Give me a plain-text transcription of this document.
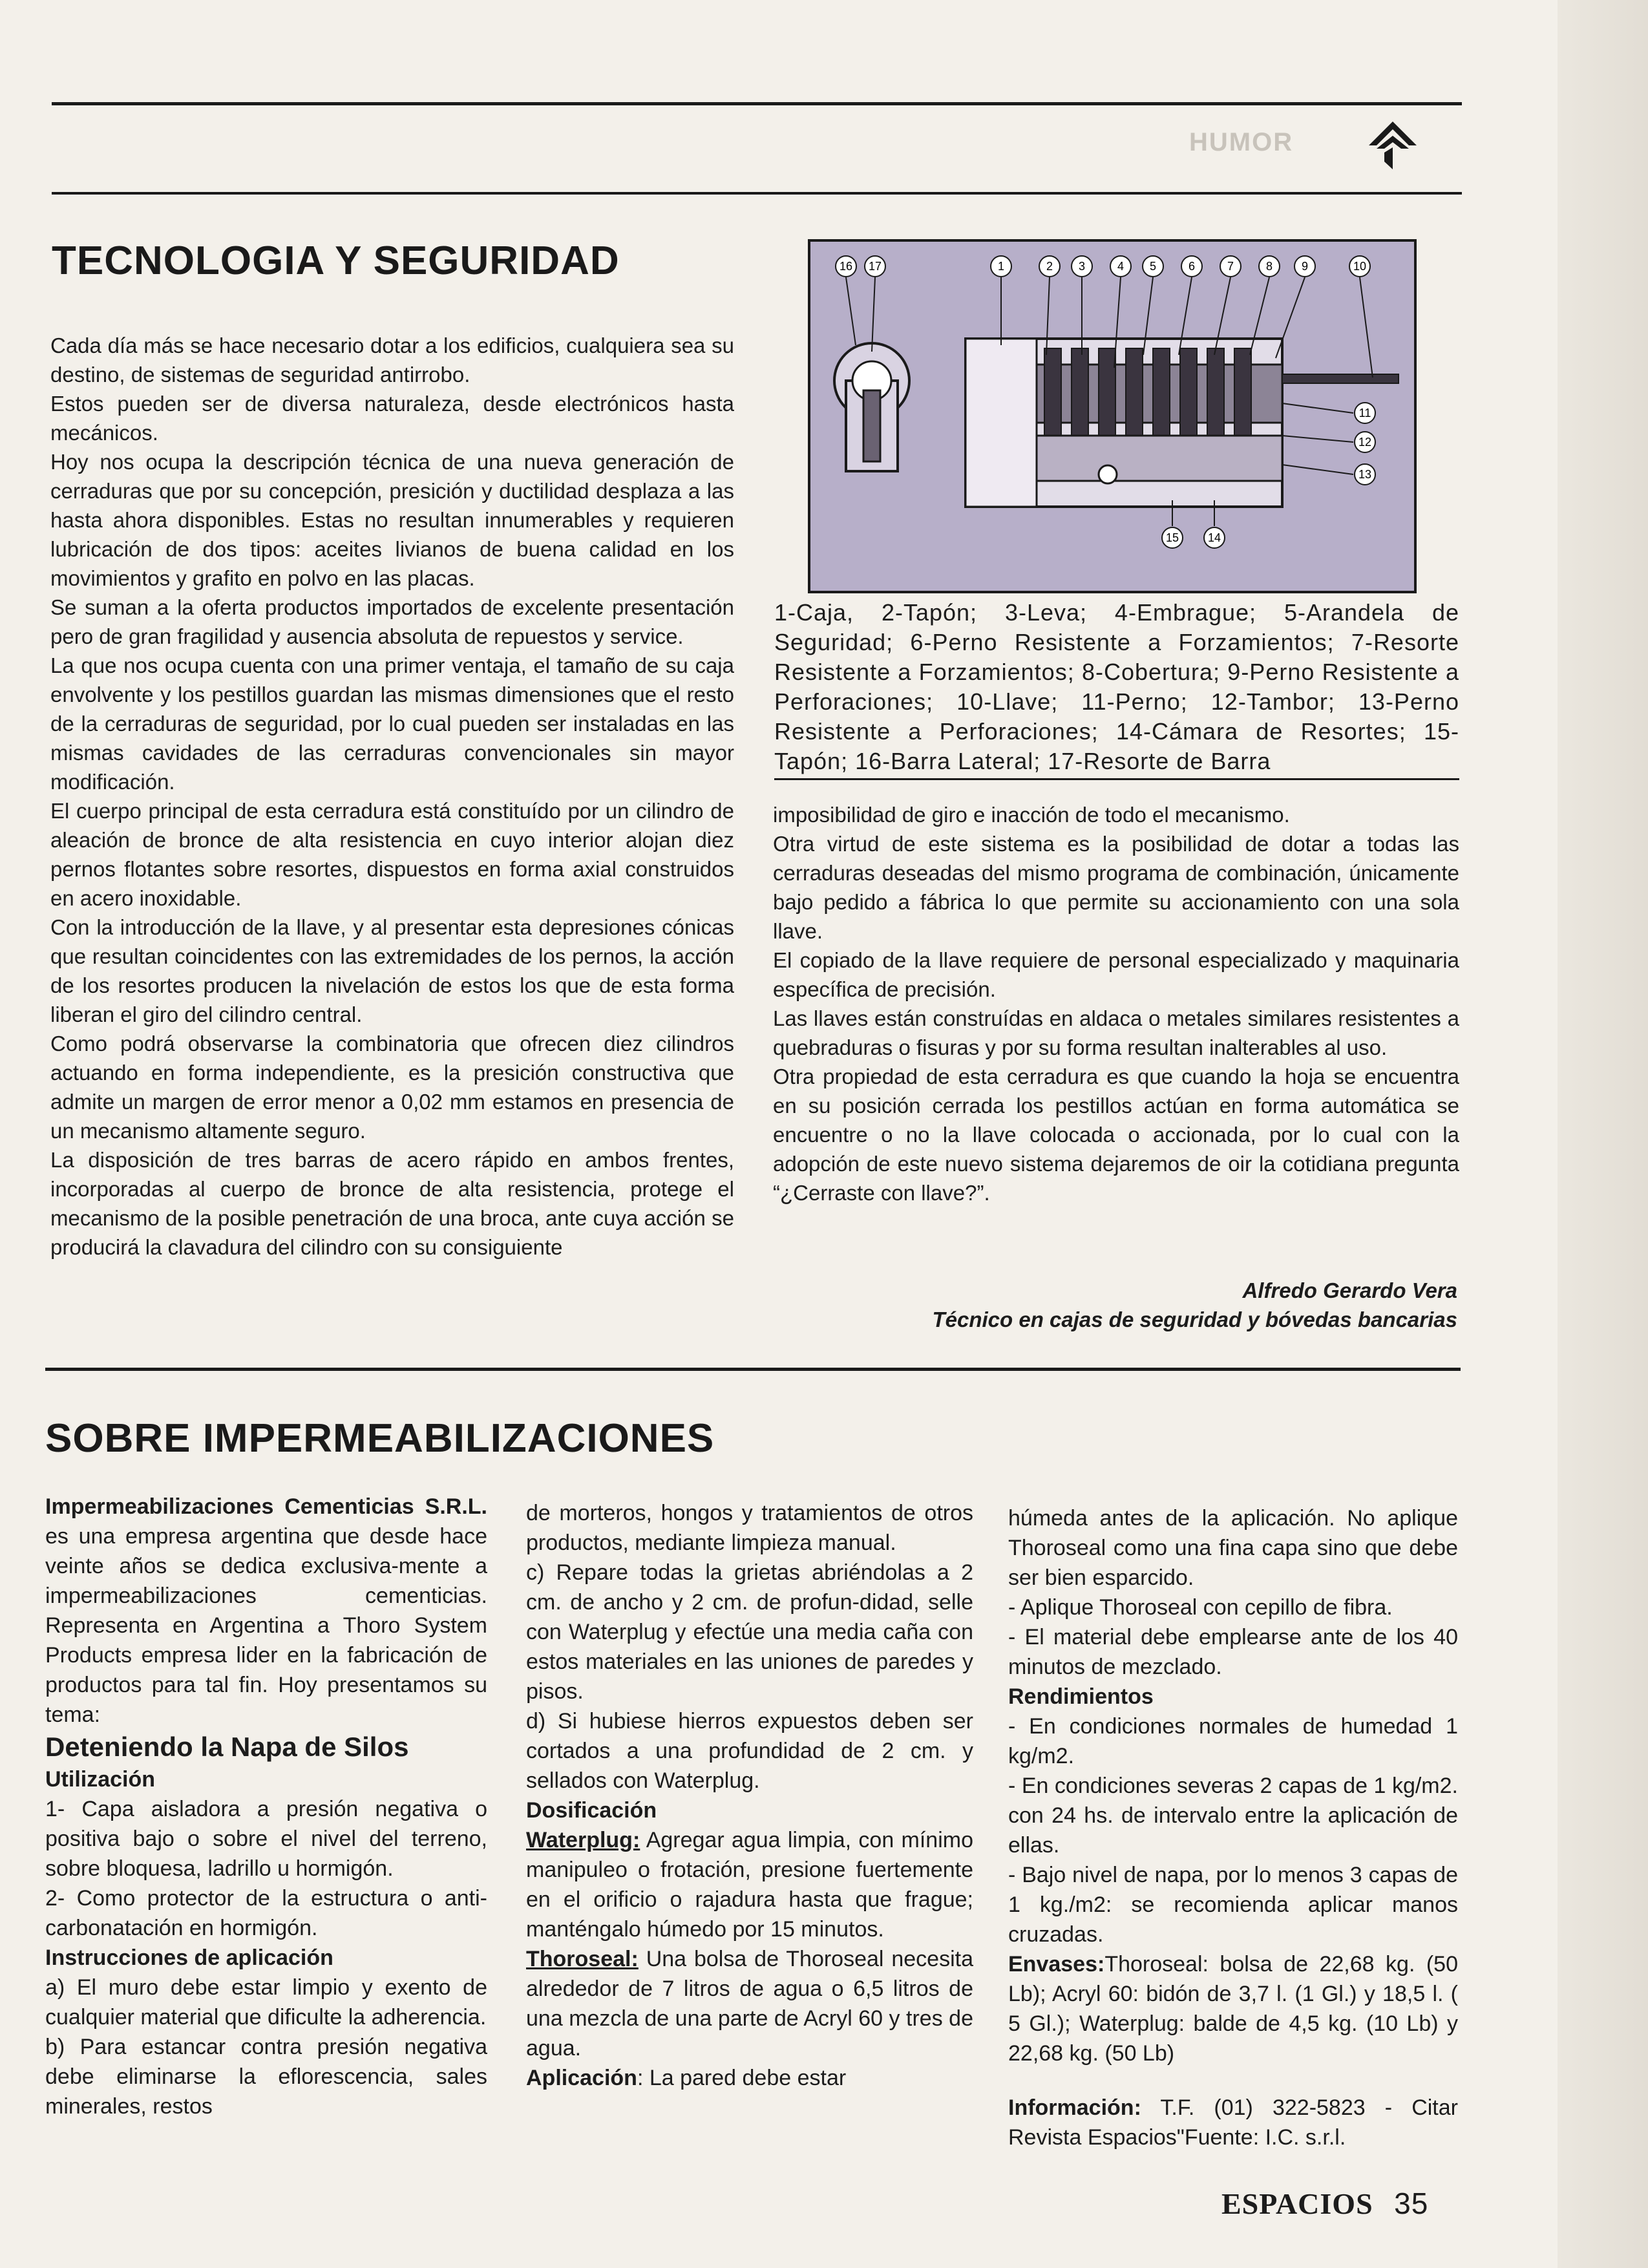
HUMOR
TECNOLOGIA Y SEGURIDAD

Cada día más se hace necesario dotar a los edificios, cualquiera sea su destino, de sistemas de seguridad antirrobo.

Estos pueden ser de diversa naturaleza, desde electrónicos hasta mecánicos.

Hoy nos ocupa la descripción técnica de una nueva generación de cerraduras que por su concepción, presición y ductilidad desplaza a las hasta ahora disponibles. Estas no resultan innumerables y requieren lubricación de dos tipos: aceites livianos de buena calidad en los movimientos y grafito en polvo en las placas.

Se suman a la oferta productos importados de excelente presentación pero de gran fragilidad y ausencia absoluta de repuestos y service.

La que nos ocupa cuenta con una primer ventaja, el tamaño de su caja envolvente y los pestillos guardan las mismas dimensiones que el resto de la cerraduras de seguridad, por lo cual pueden ser instaladas en las mismas cavidades de las cerraduras convencionales sin mayor modificación.

El cuerpo principal de esta cerradura está constituído por un cilindro de aleación de bronce de alta resistencia en cuyo interior alojan diez pernos flotantes sobre resortes, dispuestos en forma axial construidos en acero inoxidable.

Con la introducción de la llave, y al presentar esta depresiones cónicas que resultan coincidentes con las extremidades de los pernos, la acción de los resortes producen la nivelación de estos los que de esta forma liberan el giro del cilindro central.

Como podrá observarse la combinatoria que ofrecen diez cilindros actuando en forma independiente, es la presición constructiva que admite un margen de error menor a 0,02 mm estamos en presencia de un mecanismo altamente seguro.

La disposición de tres barras de acero rápido en ambos frentes, incorporadas al cuerpo de bronce de alta resistencia, protege el mecanismo de la posible penetración de una broca, ante cuya acción se producirá la clavadura del cilindro con su consiguiente

16 17	1	2 3	4 5	6	7	8 9	10
11
12
13
15 14
1-Caja, 2-Tapón; 3-Leva; 4-Embrague; 5-Arandela de Seguridad; 6-Perno Resistente a Forzamientos; 7-Resorte Resistente a Forzamientos; 8-Cobertura; 9-Perno Resistente a Perforaciones; 10-Llave; 11-Perno; 12-Tambor; 13-Perno Resistente a Perforaciones; 14-Cámara de Resortes; 15-Tapón; 16-Barra Lateral; 17-Resorte de Barra

imposibilidad de giro e inacción de todo el mecanismo.

Otra virtud de este sistema es la posibilidad de dotar a todas las cerraduras deseadas del mismo programa de combinación, únicamente bajo pedido a fábrica lo que permite su accionamiento con una sola llave.

El copiado de la llave requiere de personal especializado y maquinaria específica de precisión.

Las llaves están construídas en aldaca o metales similares resistentes a quebraduras o fisuras y por su forma resultan inalterables al uso.

Otra propiedad de esta cerradura es que cuando la hoja se encuentra en su posición cerrada los pestillos actúan en forma automática se encuentre o no la llave colocada o accionada, por lo cual con la adopción de este nuevo sistema dejaremos de oir la cotidiana pregunta “¿Cerraste con llave?”.

Alfredo Gerardo Vera
Técnico en cajas de seguridad y bóvedas bancarias
SOBRE IMPERMEABILIZACIONES

Impermeabilizaciones Cementicias S.R.L. es una empresa argentina que desde hace veinte años se dedica exclusiva-mente a impermeabilizaciones cementicias. Representa en Argentina a Thoro System Products empresa lider en la fabricación de productos para tal fin. Hoy presentamos su tema:

Deteniendo la Napa de Silos

Utilización

1- Capa aisladora a presión negativa o positiva bajo o sobre el nivel del terreno, sobre bloquesa, ladrillo u hormigón.

2- Como protector de la estructura o anti-carbonatación en hormigón.

Instrucciones de aplicación

a) El muro debe estar limpio y exento de cualquier material que dificulte la adherencia.

b) Para estancar contra presión negativa debe eliminarse la eflorescencia, sales minerales, restos

de morteros, hongos y tratamientos de otros productos, mediante limpieza manual.

c) Repare todas la grietas abriéndolas a 2 cm. de ancho y 2 cm. de profun-didad, selle con Waterplug y efectúe una media caña con estos materiales en las uniones de paredes y pisos.

d) Si hubiese hierros expuestos deben ser cortados a una profundidad de 2 cm. y sellados con Waterplug.

Dosificación

Waterplug: Agregar agua limpia, con mínimo manipuleo o frotación, presione fuertemente en el orificio o rajadura hasta que frague; manténgalo húmedo por 15 minutos.

Thoroseal: Una bolsa de Thoroseal necesita alrededor de 7 litros de agua o 6,5 litros de una mezcla de una parte de Acryl 60 y tres de agua.

Aplicación: La pared debe estar

húmeda antes de la aplicación. No aplique Thoroseal como una fina capa sino que debe ser bien esparcido.

- Aplique Thoroseal con cepillo de fibra.

- El material debe emplearse ante de los 40 minutos de mezclado.

Rendimientos

- En condiciones normales de humedad 1 kg/m2.

- En condiciones severas 2 capas de 1 kg/m2. con 24 hs. de intervalo entre la aplicación de ellas.

- Bajo nivel de napa, por lo menos 3 capas de 1 kg./m2: se recomienda aplicar manos cruzadas.

Envases:Thoroseal: bolsa de 22,68 kg. (50 Lb); Acryl 60: bidón de 3,7 l. (1 Gl.) y 18,5 l. ( 5 Gl.); Waterplug: balde de 4,5 kg. (10 Lb) y 22,68 kg. (50 Lb)

Información: T.F. (01) 322-5823 - Citar Revista Espacios"Fuente: I.C. s.r.l.

ESPACIOS 35
